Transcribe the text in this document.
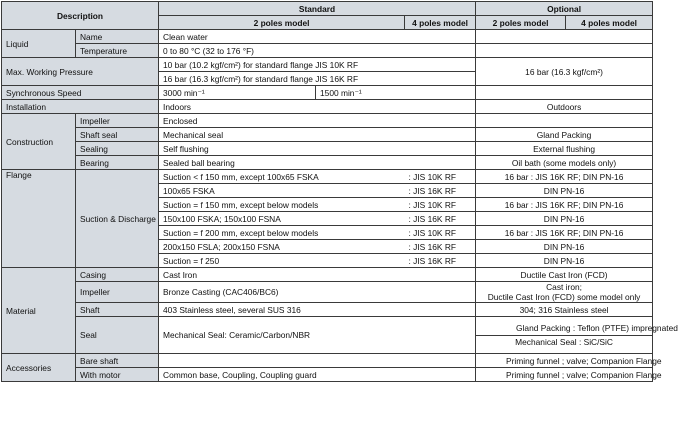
Description		Standard			Optional	
		2 poles model		4 poles model	2 poles model	4 poles model
Liquid	Name	Clean water				
	Temperature	0 to 80 °C (32 to 176 °F)				
Max. Working Pressure		10 bar (10.2 kgf/cm²) for standard flange JIS 10K RF			16 bar (16.3 kgf/cm²)	
		16 bar (16.3 kgf/cm²) for standard flange JIS 16K RF				
Synchronous Speed		3000 min⁻¹	1500 min⁻¹			
Installation		Indoors			Outdoors	
Construction	Impeller	Enclosed				
	Shaft seal	Mechanical seal			Gland Packing	
	Sealing	Self flushing			External flushing	
	Bearing	Sealed ball bearing			Oil bath (some models only)	
Flange	Suction & Discharge	Suction < f 150 mm, except 100x65 FSKA		: JIS 10K RF	16 bar : JIS 16K RF; DIN PN-16	
		100x65 FSKA		: JIS 16K RF	DIN PN-16	
		Suction = f 150 mm, except below models		: JIS 10K RF	16 bar : JIS 16K RF; DIN PN-16	
		150x100 FSKA; 150x100 FSNA		: JIS 16K RF	DIN PN-16	
		Suction = f 200 mm, except below models		: JIS 10K RF	16 bar : JIS 16K RF; DIN PN-16	
		200x150 FSLA; 200x150 FSNA		: JIS 16K RF	DIN PN-16	
		Suction = f 250		: JIS 16K RF	DIN PN-16	
Material	Casing	Cast Iron			Ductile Cast Iron (FCD)	
	Impeller	Bronze Casting (CAC406/BC6)			Cast iron;
Ductile Cast Iron (FCD) some model only	

	Shaft	403 Stainless steel, several SUS 316			304; 316 Stainless steel	
	Seal	Mechanical Seal: Ceramic/Carbon/NBR			Gland Packing : Teflon (PTFE) impregnated
Mechanical Seal : SiC/SiC	

Accessories	Bare shaft				Priming funnel ; valve; Companion Flange	
	With motor	Common base, Coupling, Coupling guard			Priming funnel ; valve; Companion Flange	
